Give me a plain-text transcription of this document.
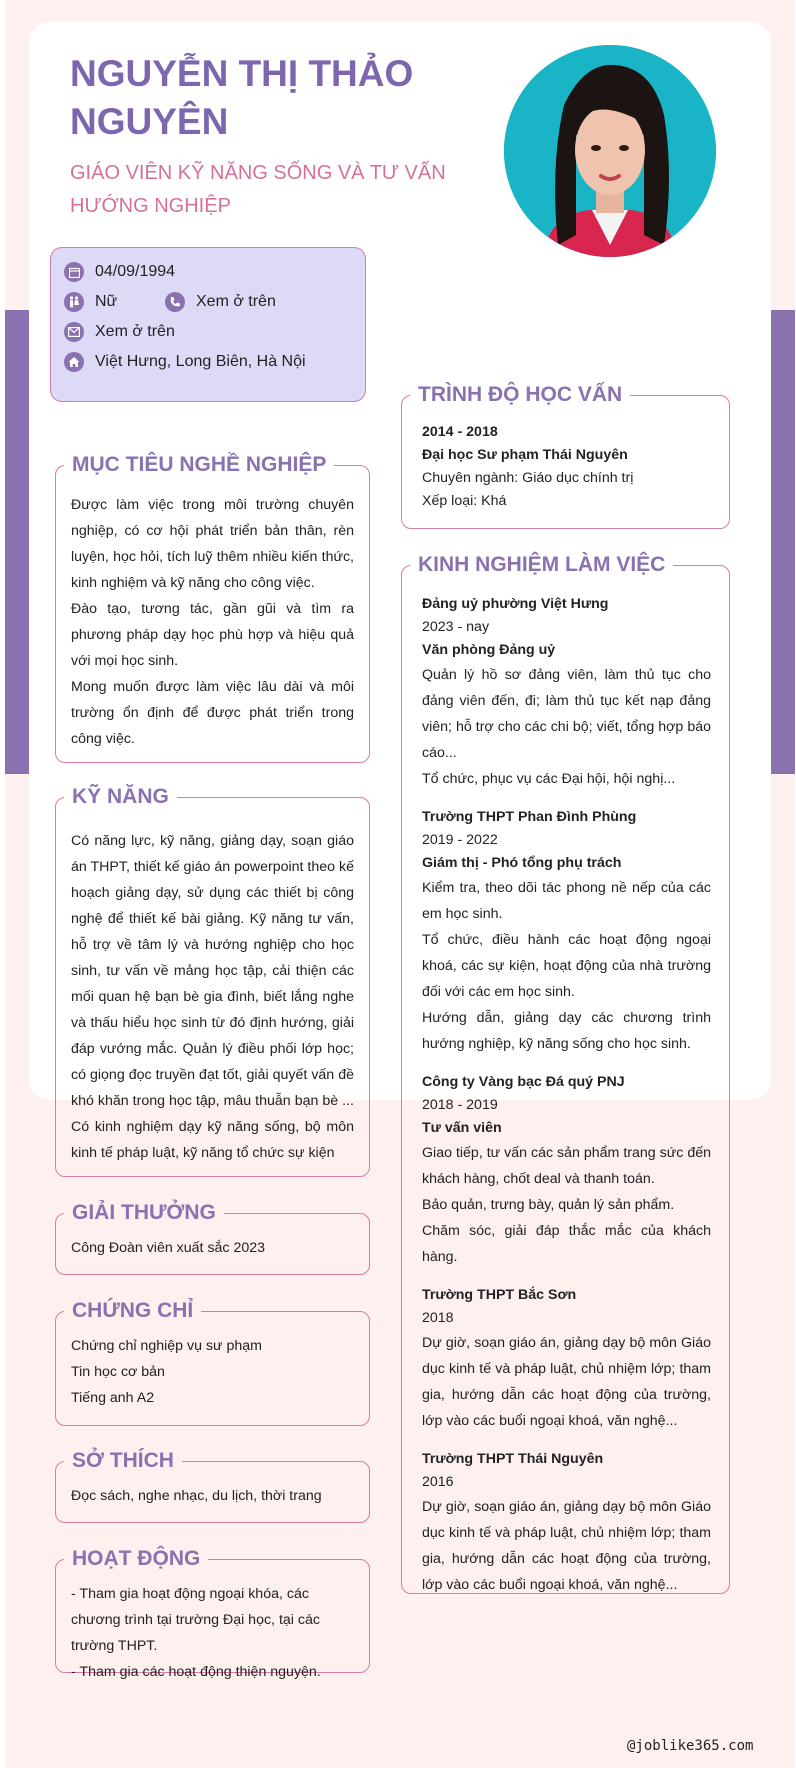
NGUYỄN THỊ THẢO NGUYÊN

GIÁO VIÊN KỸ NĂNG SỐNG VÀ TƯ VẤN HƯỚNG NGHIỆP

04/09/1994
Nữ	Xem ở trên
Xem ở trên
Việt Hưng, Long Biên, Hà Nội
MỤC TIÊU NGHỀ NGHIỆP

Được làm việc trong môi trường chuyên nghiệp, có cơ hội phát triển bản thân, rèn luyện, học hỏi, tích luỹ thêm nhiều kiến thức, kinh nghiệm và kỹ năng cho công việc.

Đào tạo, tương tác, gần gũi và tìm ra phương pháp dạy học phù hợp và hiệu quả với mọi học sinh.

Mong muốn được làm việc lâu dài và môi trường ổn định để được phát triển trong công việc.

KỸ NĂNG

Có năng lực, kỹ năng, giảng dạy, soạn giáo án THPT, thiết kế giáo án powerpoint theo kế hoạch giảng dạy, sử dụng các thiết bị công nghệ để thiết kế bài giảng. Kỹ năng tư vấn, hỗ trợ về tâm lý và hướng nghiệp cho học sinh, tư vấn về mảng học tập, cải thiện các mối quan hệ bạn bè gia đình, biết lắng nghe và thấu hiểu học sinh từ đó định hướng, giải đáp vướng mắc. Quản lý điều phối lớp học; có giọng đọc truyền đạt tốt, giải quyết vấn đề khó khăn trong học tập, mâu thuẫn bạn bè ... Có kinh nghiệm dạy kỹ năng sống, bộ môn kinh tế pháp luật, kỹ năng tổ chức sự kiện

GIẢI THƯỞNG

Công Đoàn viên xuất sắc 2023

CHỨNG CHỈ

Chứng chỉ nghiệp vụ sư phạm

Tin học cơ bản

Tiếng anh A2

SỞ THÍCH

Đọc sách, nghe nhạc, du lịch, thời trang

HOẠT ĐỘNG

- Tham gia hoạt động ngoại khóa, các chương trình tại trường Đại học, tại các trường THPT.

- Tham gia các hoạt động thiện nguyện.

TRÌNH ĐỘ HỌC VẤN

2014 - 2018

Đại học Sư phạm Thái Nguyên

Chuyên ngành: Giáo dục chính trị

Xếp loại: Khá

KINH NGHIỆM LÀM VIỆC

Đảng uỷ phường Việt Hưng

2023 - nay

Văn phòng Đảng uỷ

Quản lý hồ sơ đảng viên, làm thủ tục cho đảng viên đến, đi; làm thủ tục kết nạp đảng viên; hỗ trợ cho các chi bộ; viết, tổng hợp báo cáo...

Tổ chức, phục vụ các Đại hội, hội nghị...

Trường THPT Phan Đình Phùng

2019 - 2022

Giám thị - Phó tổng phụ trách

Kiểm tra, theo dõi tác phong nề nếp của các em học sinh.

Tổ chức, điều hành các hoạt động ngoại khoá, các sự kiện, hoạt động của nhà trường đối với các em học sinh.

Hướng dẫn, giảng dạy các chương trình hướng nghiệp, kỹ năng sống cho học sinh.

Công ty Vàng bạc Đá quý PNJ

2018 - 2019

Tư vấn viên

Giao tiếp, tư vấn các sản phẩm trang sức đến khách hàng, chốt deal và thanh toán.

Bảo quản, trưng bày, quản lý sản phẩm.

Chăm sóc, giải đáp thắc mắc của khách hàng.

Trường THPT Bắc Sơn

2018

Dự giờ, soạn giáo án, giảng dạy bộ môn Giáo dục kinh tế và pháp luật, chủ nhiệm lớp; tham gia, hướng dẫn các hoạt động của trường, lớp vào các buổi ngoại khoá, văn nghệ...

Trường THPT Thái Nguyên

2016

Dự giờ, soạn giáo án, giảng dạy bộ môn Giáo dục kinh tế và pháp luật, chủ nhiệm lớp; tham gia, hướng dẫn các hoạt động của trường, lớp vào các buổi ngoại khoá, văn nghệ...

@joblike365.com
